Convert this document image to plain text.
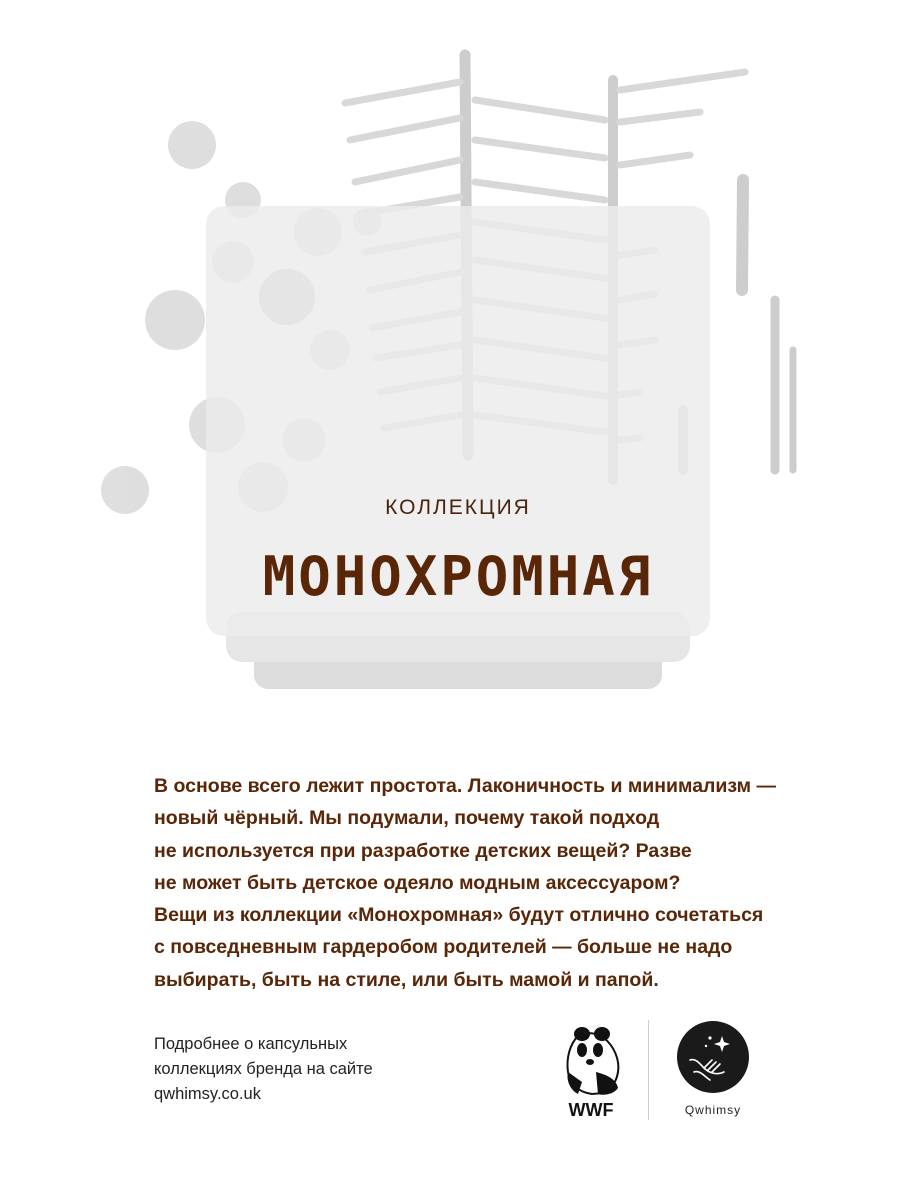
КОЛЛЕКЦИЯ
МОНОХРОМНАЯ
В основе всего лежит простота. Лаконичность и минимализм —
новый чёрный. Мы подумали, почему такой подход
не используется при разработке детских вещей? Разве
не может быть детское одеяло модным аксессуаром?
Вещи из коллекции «Монохромная» будут отлично сочетаться
с повседневным гардеробом родителей — больше не надо
выбирать, быть на стиле, или быть мамой и папой.
Подробнее о капсульных
коллекциях бренда на сайте
qwhimsy.co.uk
WWF	Qwhimsy
